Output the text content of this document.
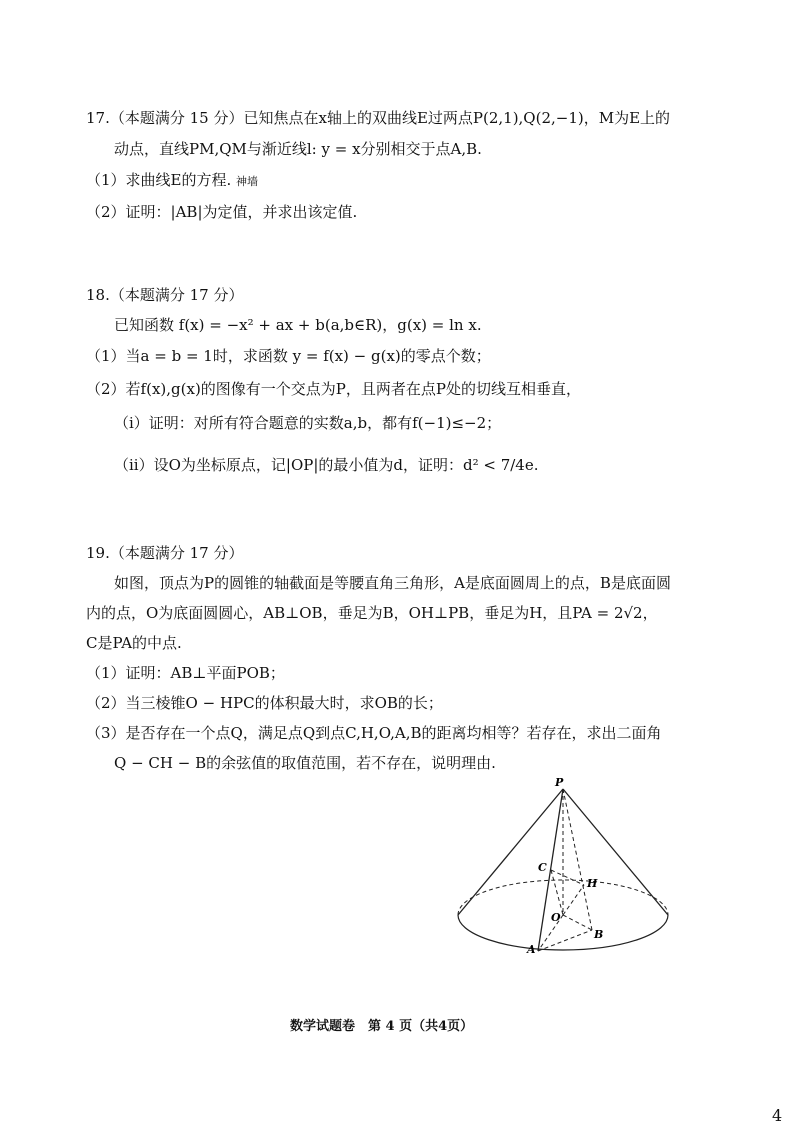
17.（本题满分 15 分）已知焦点在x轴上的双曲线E过两点P(2,1),Q(2,−1)，M为E上的
动点，直线PM,QM与渐近线l: y = x分别相交于点A,B.
（1）求曲线E的方程. 神墙
（2）证明：|AB|为定值，并求出该定值.
18.（本题满分 17 分）
已知函数 f(x) = −x² + ax + b(a,b∈R)，g(x) = ln x.
（1）当a = b = 1时，求函数 y = f(x) − g(x)的零点个数；
（2）若f(x),g(x)的图像有一个交点为P，且两者在点P处的切线互相垂直，
（i）证明：对所有符合题意的实数a,b，都有f(−1)≤−2；
（ii）设O为坐标原点，记|OP|的最小值为d，证明：d² < 7/4e.
19.（本题满分 17 分）
如图，顶点为P的圆锥的轴截面是等腰直角三角形，A是底面圆周上的点，B是底面圆
内的点，O为底面圆圆心，AB⊥OB，垂足为B，OH⊥PB，垂足为H，且PA = 2√2，
C是PA的中点.
（1）证明：AB⊥平面POB；
（2）当三棱锥O − HPC的体积最大时，求OB的长；
（3）是否存在一个点Q，满足点Q到点C,H,O,A,B的距离均相等？若存在，求出二面角
Q − CH − B的余弦值的取值范围，若不存在，说明理由.
P
C
H
O
A
B
数学试题卷　第 4 页（共4页）
4
